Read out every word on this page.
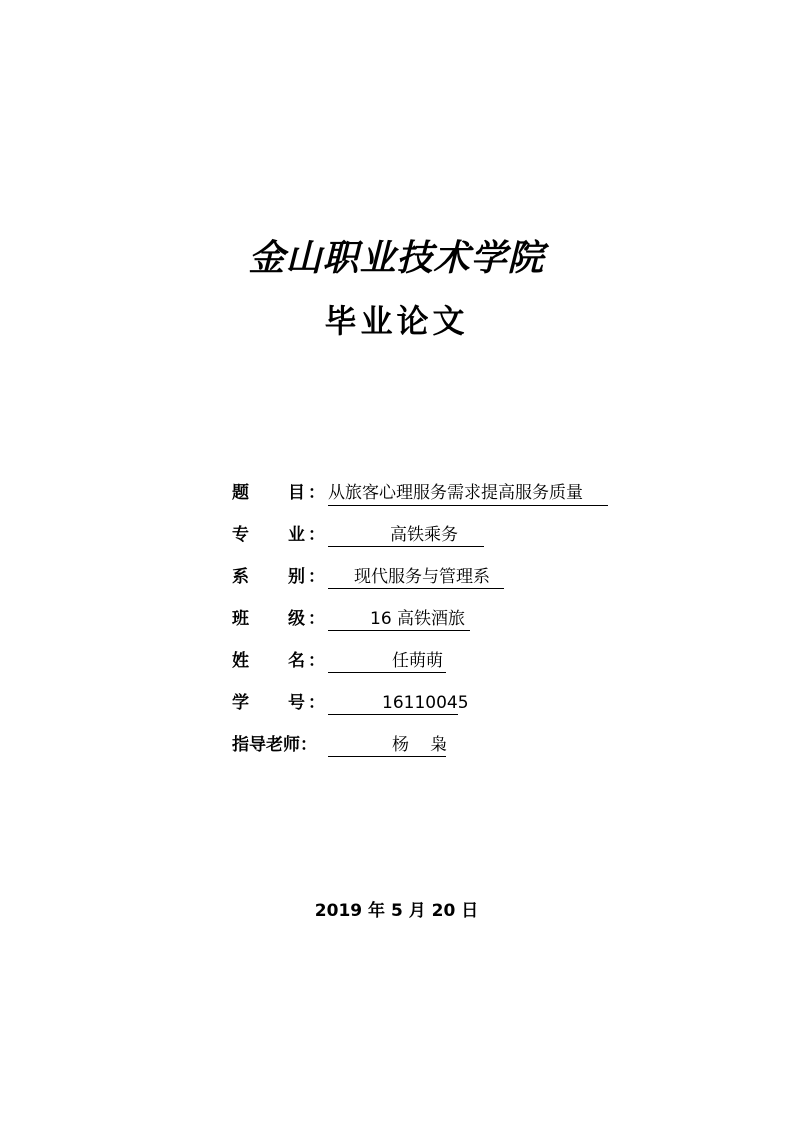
金山职业技术学院
毕业论文
题 目 ： 从旅客心理服务需求提高服务质量
专 业 ：	高铁乘务
系 别 ：	现代服务与管理系
班 级 ：	16 高铁酒旅
姓 名 ：	任萌萌
学 号 ：	16110045
指导老师：	杨　枭
2019 年 5 月 20 日
